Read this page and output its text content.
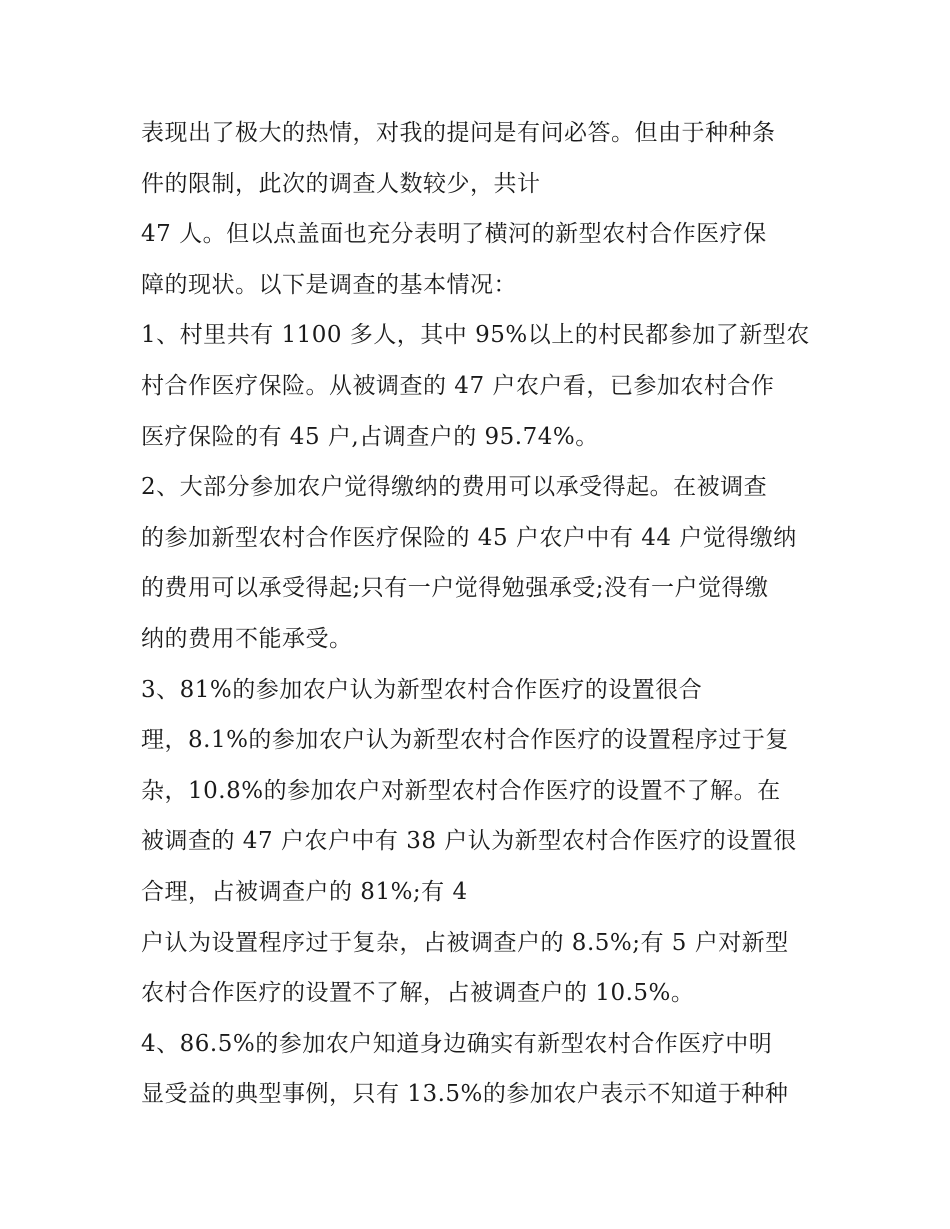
表现出了极大的热情，对我的提问是有问必答。但由于种种条
件的限制，此次的调查人数较少，共计
47 人。但以点盖面也充分表明了横河的新型农村合作医疗保
障的现状。以下是调查的基本情况：
1、村里共有 1100 多人，其中 95%以上的村民都参加了新型农
村合作医疗保险。从被调查的 47 户农户看，已参加农村合作
医疗保险的有 45 户,占调查户的 95.74%。
2、大部分参加农户觉得缴纳的费用可以承受得起。在被调查
的参加新型农村合作医疗保险的 45 户农户中有 44 户觉得缴纳
的费用可以承受得起;只有一户觉得勉强承受;没有一户觉得缴
纳的费用不能承受。
3、81%的参加农户认为新型农村合作医疗的设置很合
理，8.1%的参加农户认为新型农村合作医疗的设置程序过于复
杂，10.8%的参加农户对新型农村合作医疗的设置不了解。在
被调查的 47 户农户中有 38 户认为新型农村合作医疗的设置很
合理，占被调查户的 81%;有 4
户认为设置程序过于复杂，占被调查户的 8.5%;有 5 户对新型
农村合作医疗的设置不了解，占被调查户的 10.5%。
4、86.5%的参加农户知道身边确实有新型农村合作医疗中明
显受益的典型事例，只有 13.5%的参加农户表示不知道于种种
